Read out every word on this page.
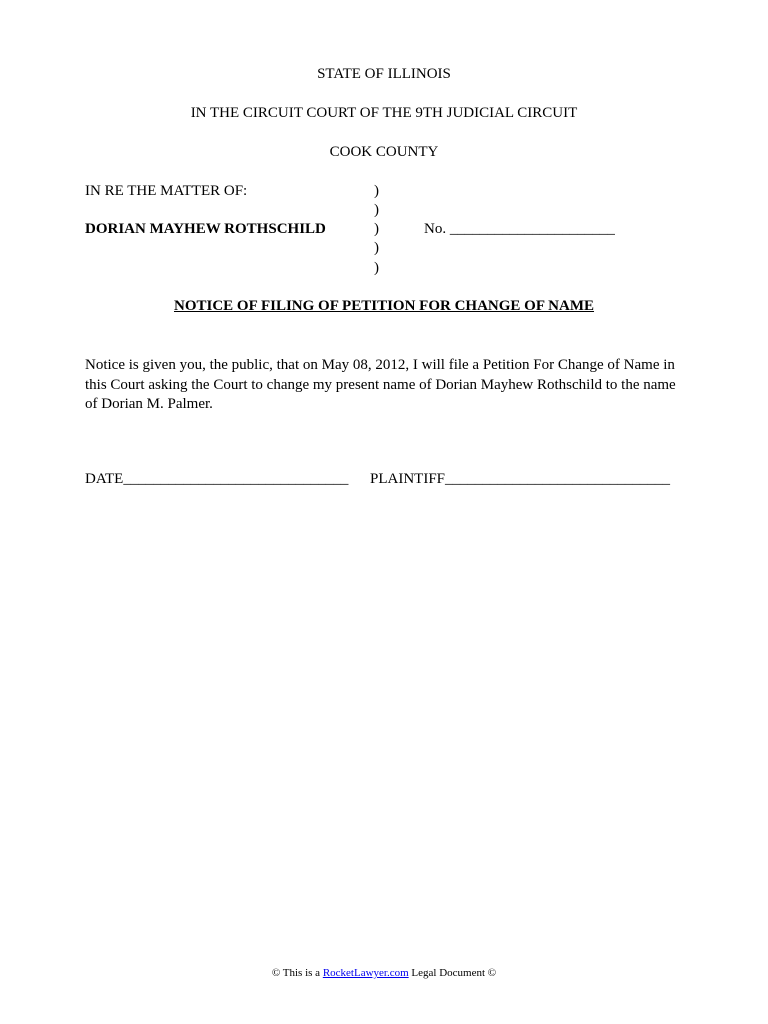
STATE OF ILLINOIS
IN THE CIRCUIT COURT OF THE 9TH JUDICIAL CIRCUIT
COOK COUNTY
IN RE THE MATTER OF:
DORIAN MAYHEW ROTHSCHILD
)
)
)
)
)
No. ______________________
NOTICE OF FILING OF PETITION FOR CHANGE OF NAME
Notice is given you, the public, that on May 08, 2012, I will file a Petition For Change of Name in
this Court asking the Court to change my present name of Dorian Mayhew Rothschild to the name
of Dorian M. Palmer.
DATE______________________________ PLAINTIFF______________________________
© This is a RocketLawyer.com Legal Document ©
